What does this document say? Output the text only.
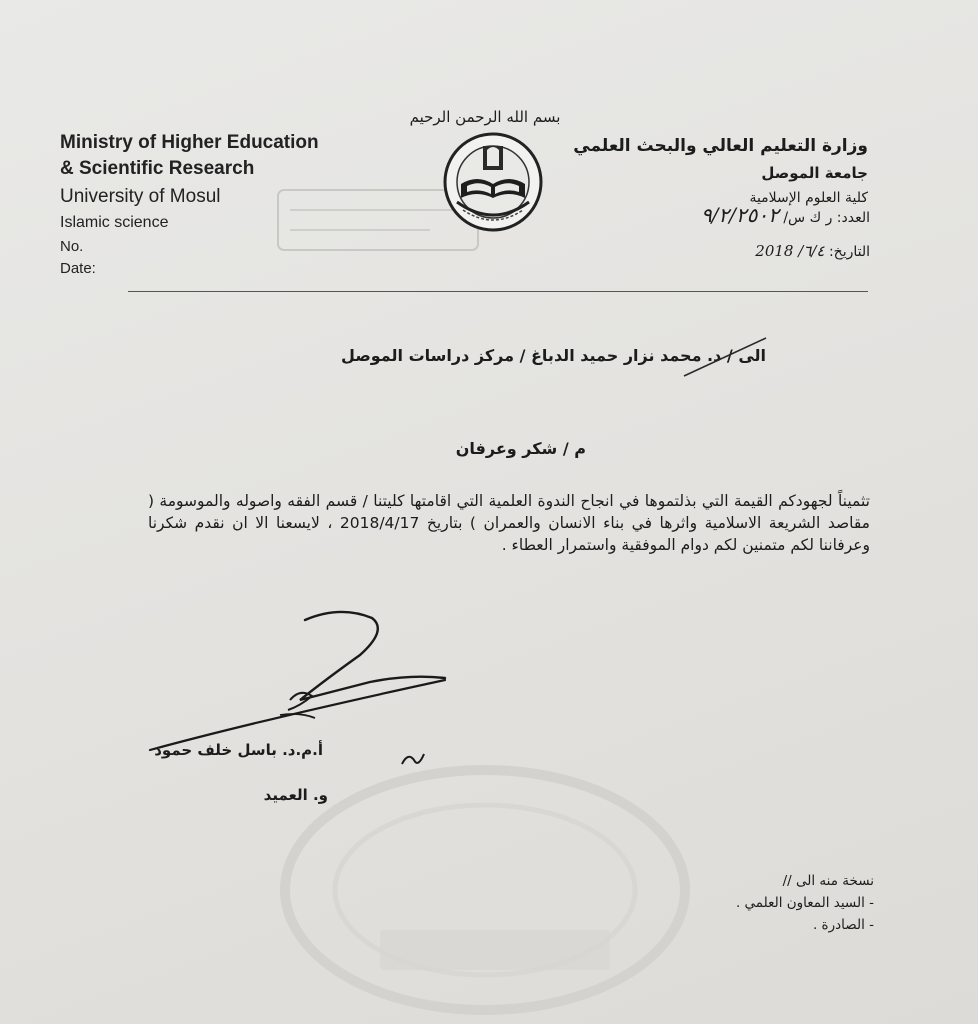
Ministry of Higher Education
& Scientific Research
University of Mosul
Islamic science
No.
Date:
بسم الله الرحمن الرحيم
وزارة التعليم العالي والبحث العلمي
جامعة الموصل
كلية العلوم الإسلامية
العدد: ر ك س/ ٩/٢/٢٥٠٢
التاريخ: ٦/٤/ 2018
الى / د. محمد نزار حميد الدباغ / مركز دراسات الموصل
م / شكر وعرفان
تثميناً لجهودكم القيمة التي بذلتموها في انجاح الندوة العلمية التي اقامتها كليتنا / قسم الفقه واصوله والموسومة ( مقاصد الشريعة الاسلامية واثرها في بناء الانسان والعمران ) بتاريخ 2018/4/17 ، لايسعنا الا ان نقدم شكرنا وعرفاننا لكم متمنين لكم دوام الموفقية واستمرار العطاء .
أ.م.د. باسل خلف حمود
و. العميد
نسخة منه الى //
- السيد المعاون العلمي .
- الصادرة .
